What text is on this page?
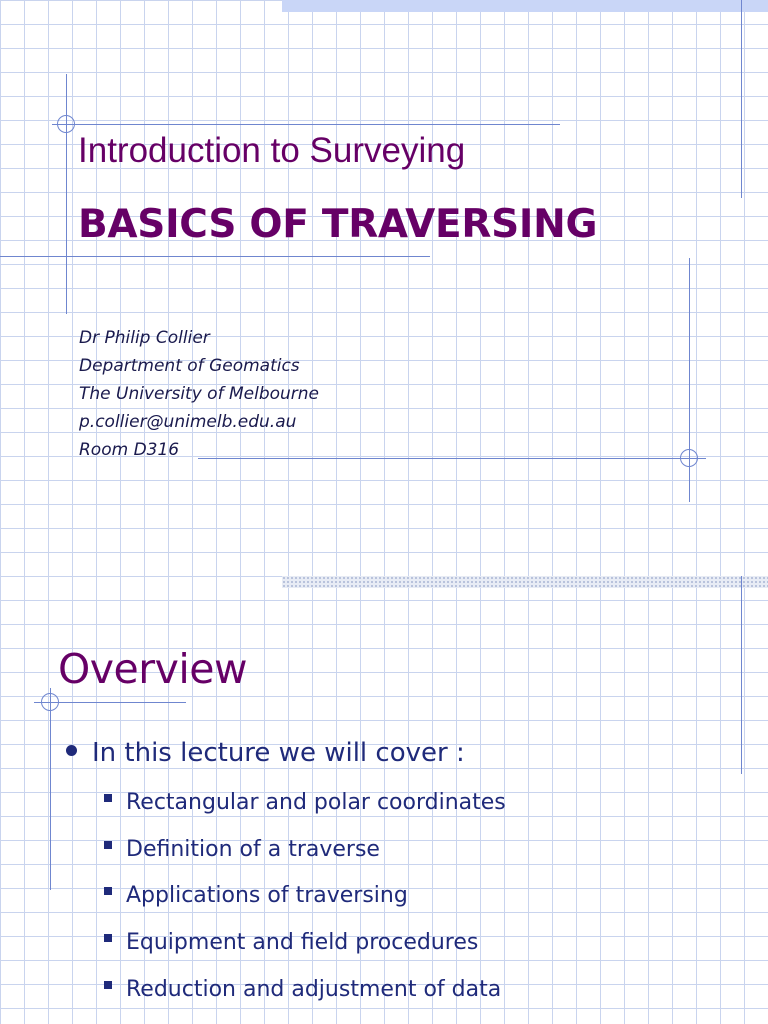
Introduction to Surveying
BASICS OF TRAVERSING
Dr Philip Collier
Department of Geomatics
The University of Melbourne
p.collier@unimelb.edu.au
Room D316
Overview
In this lecture we will cover :
Rectangular and polar coordinates
Definition of a traverse
Applications of traversing
Equipment and field procedures
Reduction and adjustment of data
